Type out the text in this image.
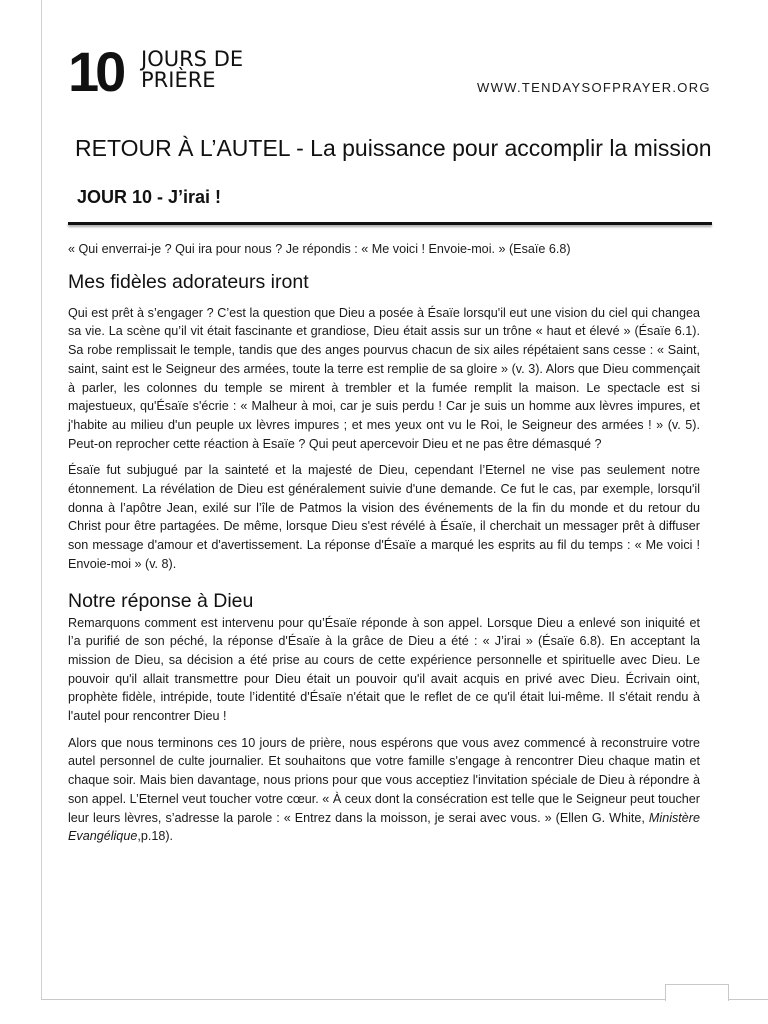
10 JOURS DE
PRIÈRE	WWW.TENDAYSOFPRAYER.ORG
RETOUR À L’AUTEL - La puissance pour accomplir la mission
JOUR 10 - J’irai !

« Qui enverrai-je ? Qui ira pour nous ? Je répondis : « Me voici ! Envoie-moi. » (Esaïe 6.8)

Mes fidèles adorateurs iront

Qui est prêt à s’engager ? C’est la question que Dieu a posée à Ésaïe lorsqu'il eut une vision du ciel qui changea sa vie. La scène qu’il vit était fascinante et grandiose, Dieu était assis sur un trône « haut et élevé » (Ésaïe 6.1). Sa robe remplissait le temple, tandis que des anges pourvus chacun de six ailes répétaient sans cesse : « Saint, saint, saint est le Seigneur des armées, toute la terre est remplie de sa gloire » (v. 3). Alors que Dieu commençait à parler, les colonnes du temple se mirent à trembler et la fumée remplit la maison. Le spectacle est si majestueux, qu'Ésaïe s'écrie : « Malheur à moi, car je suis perdu ! Car je suis un homme aux lèvres impures, et j'habite au milieu d'un peuple ux lèvres impures ; et mes yeux ont vu le Roi, le Seigneur des armées ! » (v. 5). Peut-on reprocher cette réaction à Esaïe ? Qui peut apercevoir Dieu et ne pas être démasqué ?

Ésaïe fut subjugué par la sainteté et la majesté de Dieu, cependant l’Eternel ne vise pas seulement notre étonnement. La révélation de Dieu est généralement suivie d'une demande. Ce fut le cas, par exemple, lorsqu'il donna à l’apôtre Jean, exilé sur l’île de Patmos la vision des événements de la fin du monde et du retour du Christ pour être partagées. De même, lorsque Dieu s'est révélé à Ésaïe, il cherchait un messager prêt à diffuser son message d'amour et d'avertissement. La réponse d'Ésaïe a marqué les esprits au fil du temps : « Me voici ! Envoie-moi » (v. 8).

Notre réponse à Dieu

Remarquons comment est intervenu pour qu’Ésaïe réponde à son appel. Lorsque Dieu a enlevé son iniquité et l’a purifié de son péché, la réponse d'Ésaïe à la grâce de Dieu a été : « J’irai » (Ésaïe 6.8). En acceptant la mission de Dieu, sa décision a été prise au cours de cette expérience personnelle et spirituelle avec Dieu. Le pouvoir qu'il allait transmettre pour Dieu était un pouvoir qu'il avait acquis en privé avec Dieu. Écrivain oint, prophète fidèle, intrépide, toute l’identité d'Ésaïe n'était que le reflet de ce qu'il était lui-même. Il s'était rendu à l'autel pour rencontrer Dieu !

Alors que nous terminons ces 10 jours de prière, nous espérons que vous avez commencé à reconstruire votre autel personnel de culte journalier. Et souhaitons que votre famille s'engage à rencontrer Dieu chaque matin et chaque soir. Mais bien davantage, nous prions pour que vous acceptiez l'invitation spéciale de Dieu à répondre à son appel. L’Eternel veut toucher votre cœur. « À ceux dont la consécration est telle que le Seigneur peut toucher leur leurs lèvres, s’adresse la parole : « Entrez dans la moisson, je serai avec vous. » (Ellen G. White, Ministère Evangélique,p.18).
